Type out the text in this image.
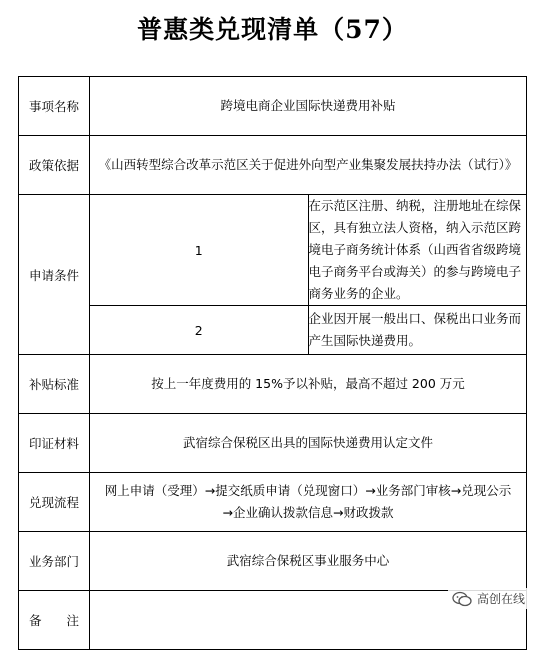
普惠类兑现清单（57）
事项名称	跨境电商企业国际快递费用补贴	
政策依据	《山西转型综合改革示范区关于促进外向型产业集聚发展扶持办法（试行）》	
申请条件	1	在示范区注册、纳税，注册地址在综保区，具有独立法人资格，纳入示范区跨境电子商务统计体系（山西省省级跨境电子商务平台或海关）的参与跨境电子商务业务的企业。
	2	企业因开展一般出口、保税出口业务而产生国际快递费用。
补贴标准	按上一年度费用的 15%予以补贴，最高不超过 200 万元	
印证材料	武宿综合保税区出具的国际快递费用认定文件	
兑现流程	网上申请（受理）→提交纸质申请（兑现窗口）→业务部门审核→兑现公示
→企业确认拨款信息→财政拨款	

业务部门	武宿综合保税区事业服务中心	
备　　注		
高创在线
